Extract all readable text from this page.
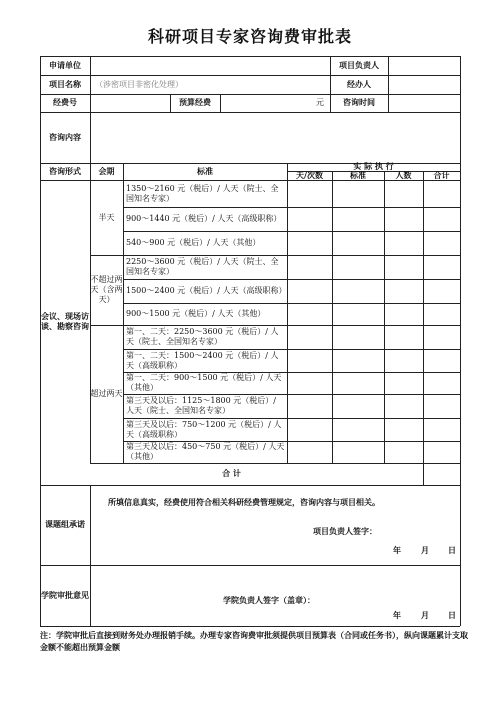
科研项目专家咨询费审批表
申请单位	项目负责人
项目名称	（涉密项目非密化处理）	经办人
经费号	预算经费	元	咨询时间
咨询内容
咨询形式	会期	标准	实 际 执 行
天/次数	标准	人数	合计
会议、现场访谈、勘察咨询
半天
1350～2160 元（税后）/ 人天（院士、全国知名专家）
900～1440 元（税后）/ 人天（高级职称）
540～900 元（税后）/ 人天（其他）
不超过两天（含两天）
2250～3600 元（税后）/ 人天（院士、全国知名专家）
1500～2400 元（税后）/ 人天（高级职称）
900～1500 元（税后）/ 人天（其他）
超过两天
第一、二天：2250～3600 元（税后）/ 人天（院士、全国知名专家）
第一、二天：1500～2400 元（税后）/ 人天（高级职称）
第一、二天：900～1500 元（税后）/ 人天（其他）
第三天及以后：1125～1800 元（税后）/ 人天（院士、全国知名专家）
第三天及以后：750～1200 元（税后）/ 人天（高级职称）
第三天及以后：450～750 元（税后）/ 人天（其他）
合 计
课题组承诺
所填信息真实，经费使用符合相关科研经费管理规定，咨询内容与项目相关。
项目负责人签字：
年	月	日
学院审批意见
学院负责人签字（盖章）：
年	月	日
注：学院审批后直接到财务处办理报销手续。办理专家咨询费审批须提供项目预算表（合同或任务书），纵向课题累计支取金额不能超出预算金额
